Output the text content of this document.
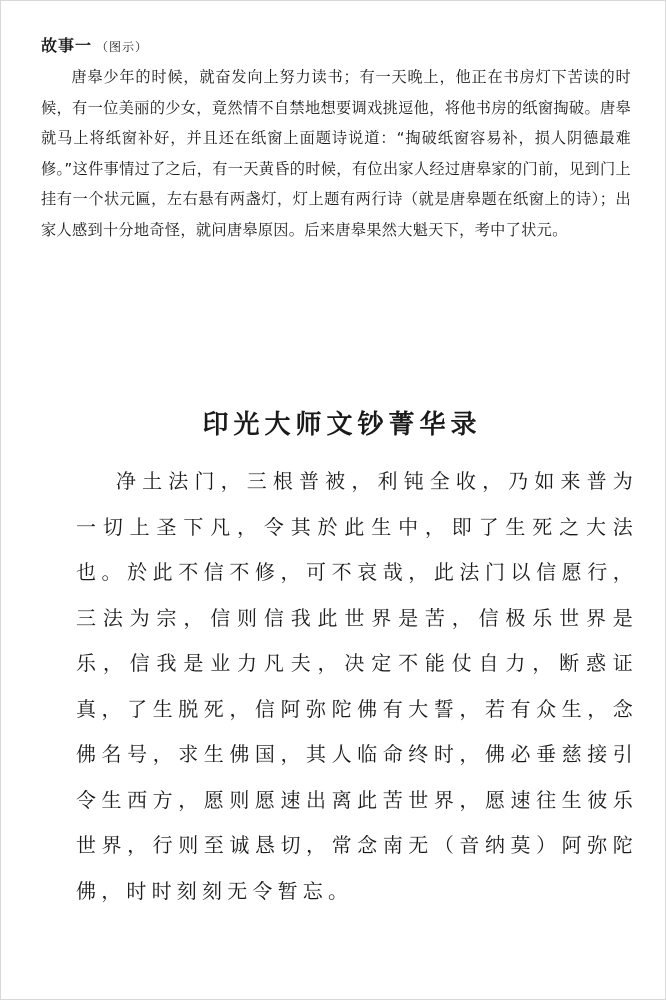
故事一 （图示）

唐皋少年的时候，就奋发向上努力读书；有一天晚上，他正在书房灯下苦读的时候，有一位美丽的少女，竟然情不自禁地想要调戏挑逗他，将他书房的纸窗掏破。唐皋就马上将纸窗补好，并且还在纸窗上面题诗说道：“掏破纸窗容易补，损人阴德最难修。”这件事情过了之后，有一天黄昏的时候，有位出家人经过唐皋家的门前，见到门上挂有一个状元匾，左右悬有两盏灯，灯上题有两行诗（就是唐皋题在纸窗上的诗）；出家人感到十分地奇怪，就问唐皋原因。后来唐皋果然大魁天下，考中了状元。

印光大师文钞菁华录

净土法门，三根普被，利钝全收，乃如来普为一切上圣下凡，令其於此生中，即了生死之大法也。於此不信不修，可不哀哉，此法门以信愿行，三法为宗，信则信我此世界是苦，信极乐世界是乐，信我是业力凡夫，决定不能仗自力，断惑证真，了生脱死，信阿弥陀佛有大誓，若有众生，念佛名号，求生佛国，其人临命终时，佛必垂慈接引令生西方，愿则愿速出离此苦世界，愿速往生彼乐世界，行则至诚恳切，常念南无（音纳莫）阿弥陀佛，时时刻刻无令暂忘。
